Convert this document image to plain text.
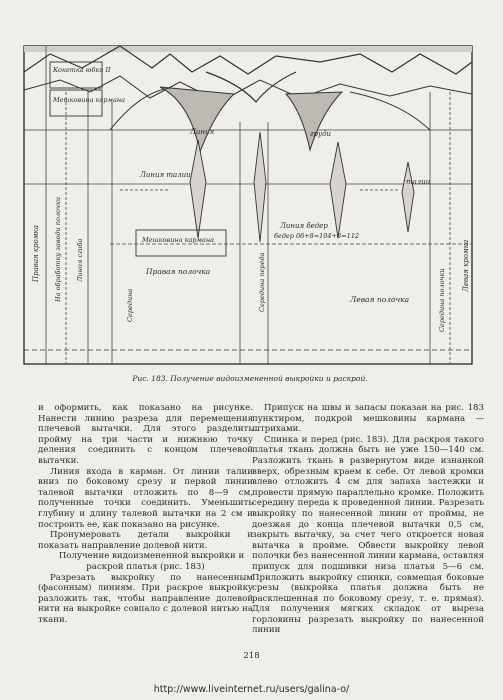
Кокетка юбки II
Мешковина кармана
Линия	груди
Линия талии
талии
Линия бедер
бедер 0б+8=104+8=112
Мешковина кармана
Правая полочка
Левая полочка
Правая кромка На обработку заводи полочки Линия сгиба
Середина	Середина переда	Середина полочки
Левая кромка
Рис. 183. Получение видоизмененной выкройки и раскрой.

и оформить, как показано на рисунке. Нанести линию разреза для перемещения плечевой вытачки. Для этого разделить пройму на три части и нижнюю точку деления соединить с концом плечевой вытачки.

Линия входа в карман. От линии талии вниз по боковому срезу и первой линии талевой вытачки отложить по 8—9 см, полученные точки соединить. Уменьшить глубину и длину талевой вытачки на 2 см и построить ее, как показано на рисунке.

Пронумеровать детали выкройки и показать направление долевой нити.

Получение видоизмененной выкройки и раскрой платья (рис. 183)

Разрезать выкройку по нанесенным (фасонным) линиям. При раскрое выкройку разложить так, чтобы направление долевой нити на выкройке совпало с долевой нитью на ткани.

Припуск на швы и запасы показан на рис. 183 пунктиром, подкрой мешковины кармана — штрихами.

Спинка и перед (рис. 183). Для раскроя такого платья ткань должна быть не уже 150—140 см. Разложить ткань в развернутом виде изнанкой вверх, обрезным краем к себе. От левой кромки влево отложить 4 см для запаха застежки и провести прямую параллельно кромке. Положить середину переда к проведенной линии. Разрезать выкройку по нанесенной линии от проймы, не доезжая до конца плечевой вытачки 0,5 см, закрыть вытачку, за счет чего откроется новая вытачка в пройме. Обвести выкройку левой полочки без нанесенной линии кармана, оставляя припуск для подшивки низа платья 5—6 см. Приложить выкройку спинки, совмещая боковые срезы (выкройка платья должна быть не расклешенная по боковому срезу, т. е. прямая). Для получения мягких складок от выреза горловины разрезать выкройку по нанесенной линии

218
http://www.liveinternet.ru/users/galina-o/
